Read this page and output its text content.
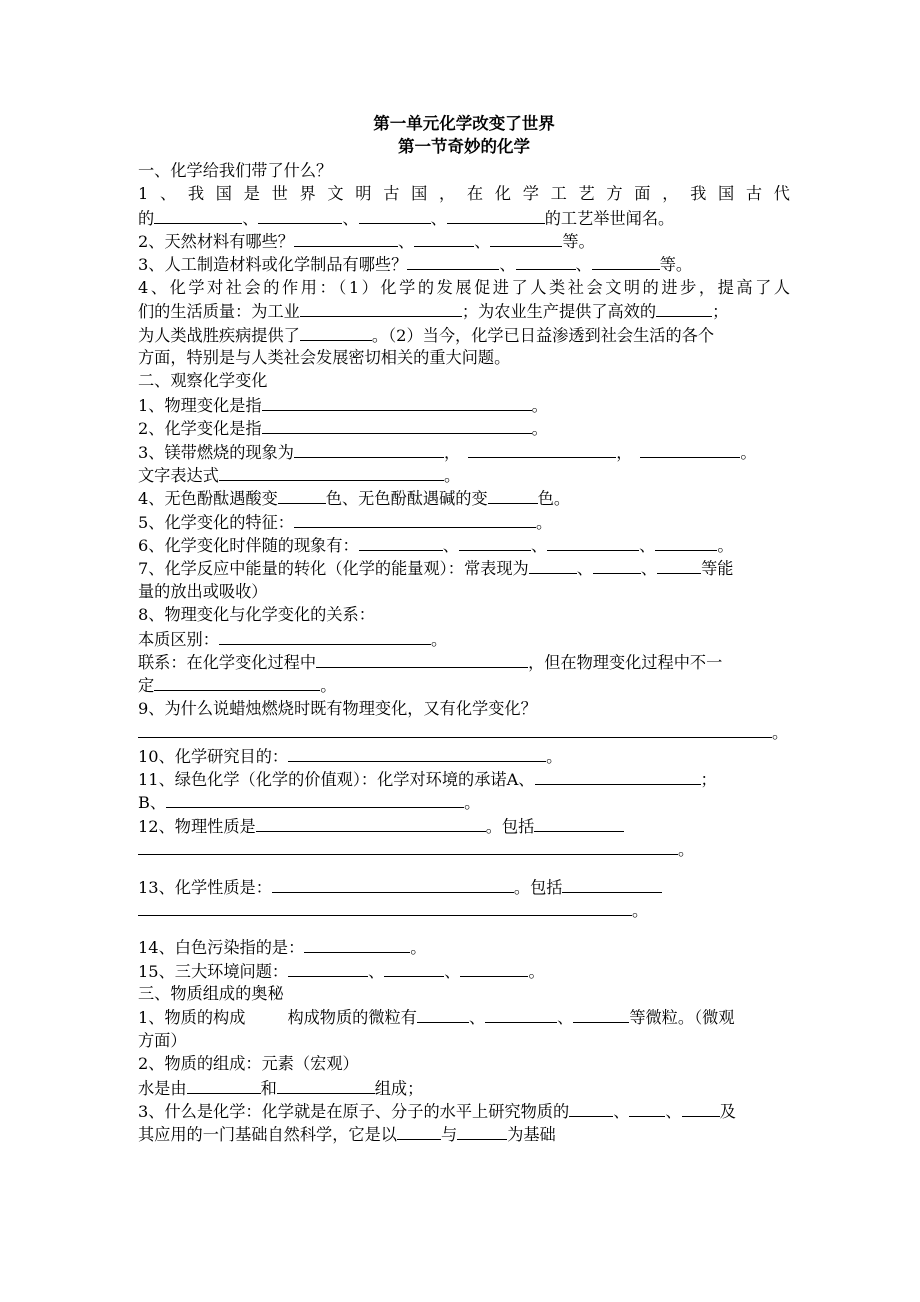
第一单元化学改变了世界
第一节奇妙的化学
一、化学给我们带了什么？
1、我国是世界文明古国，在化学工艺方面，我国古代
的	、	、	、	的工艺举世闻名。
2、天然材料有哪些？	、	、	等。
3、人工制造材料或化学制品有哪些？	、	、	等。
4、化学对社会的作用：（1）化学的发展促进了人类社会文明的进步，提高了人
们的生活质量：为工业	；为农业生产提供了高效的	；
为人类战胜疾病提供了	。（2）当今，化学已日益渗透到社会生活的各个
方面，特别是与人类社会发展密切相关的重大问题。
二、观察化学变化
1、物理变化是指	。
2、化学变化是指	。
3、镁带燃烧的现象为	，	，	。
文字表达式	。
4、无色酚酞遇酸变	色、无色酚酞遇碱的变	色。
5、化学变化的特征：	。
6、化学变化时伴随的现象有：	、	、	、	。
7、化学反应中能量的转化（化学的能量观）：常表现为	、	、	等能
量的放出或吸收）
8、物理变化与化学变化的关系：
本质区别：	。
联系：在化学变化过程中	，但在物理变化过程中不一
定	。
9、为什么说蜡烛燃烧时既有物理变化，又有化学变化？
。
10、化学研究目的：	。
11、绿色化学（化学的价值观）：化学对环境的承诺A、	；
B、	。
12、物理性质是	。包括
。
13、化学性质是：	。包括
。
14、白色污染指的是：	。
15、三大环境问题：	、	、	。
三、物质组成的奥秘
1、物质的构成	构成物质的微粒有	、	、	等微粒。（微观
方面）
2、物质的组成：元素（宏观）
水是由	和	组成；
3、什么是化学：化学就是在原子、分子的水平上研究物质的	、 、 及
其应用的一门基础自然科学，它是以	与	为基础
